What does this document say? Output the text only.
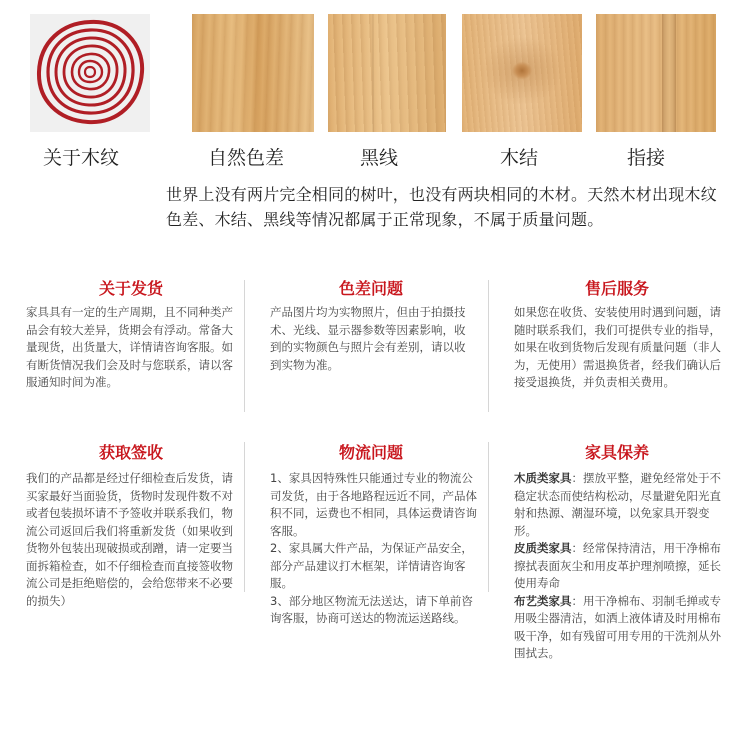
关于木纹	自然色差	黑线	木结	指接
世界上没有两片完全相同的树叶，也没有两块相同的木材。天然木材出现木纹色差、木结、黑线等情况都属于正常现象，不属于质量问题。
关于发货
家具具有一定的生产周期，且不同种类产品会有较大差异，货期会有浮动。常备大量现货，出货量大，详情请咨询客服。如有断货情况我们会及时与您联系，请以客服通知时间为准。
色差问题
产品图片均为实物照片，但由于拍摄技术、光线、显示器参数等因素影响，收到的实物颜色与照片会有差别，请以收到实物为准。
售后服务
如果您在收货、安装使用时遇到问题，请随时联系我们，我们可提供专业的指导，如果在收到货物后发现有质量问题（非人为，无使用）需退换货者，经我们确认后接受退换货，并负责相关费用。
获取签收
我们的产品都是经过仔细检查后发货，请买家最好当面验货，货物时发现件数不对或者包装损坏请不予签收并联系我们，物流公司返回后我们将重新发货（如果收到货物外包装出现破损或刮蹭，请一定要当面拆箱检查，如不仔细检查而直接签收物流公司是拒绝赔偿的，会给您带来不必要的损失）
物流问题

1、家具因特殊性只能通过专业的物流公司发货，由于各地路程远近不同，产品体积不同，运费也不相同，具体运费请咨询客服。

2、家具属大件产品，为保证产品安全，部分产品建议打木框架，详情请咨询客服。

3、部分地区物流无法送达，请下单前咨询客服，协商可送达的物流运送路线。

家具保养

木质类家具：摆放平整，避免经常处于不稳定状态而使结构松动，尽量避免阳光直射和热源、潮湿环境，以免家具开裂变形。

皮质类家具：经常保持清洁，用干净棉布擦拭表面灰尘和用皮革护理剂喷擦，延长使用寿命

布艺类家具：用干净棉布、羽制毛掸或专用吸尘器清洁，如洒上液体请及时用棉布吸干净，如有残留可用专用的干洗剂从外围拭去。
